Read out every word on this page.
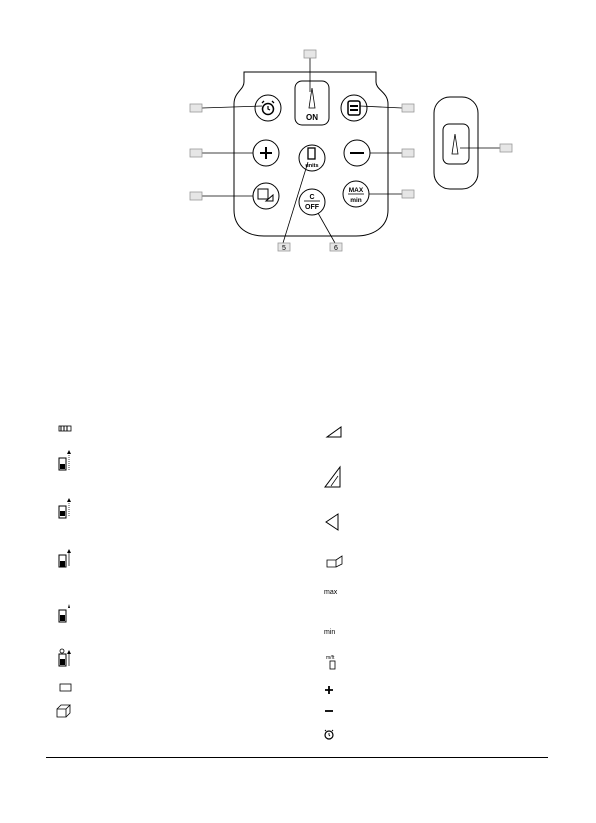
ON
units
C
OFF
MAX
min
5	6
max
min
m/ft
